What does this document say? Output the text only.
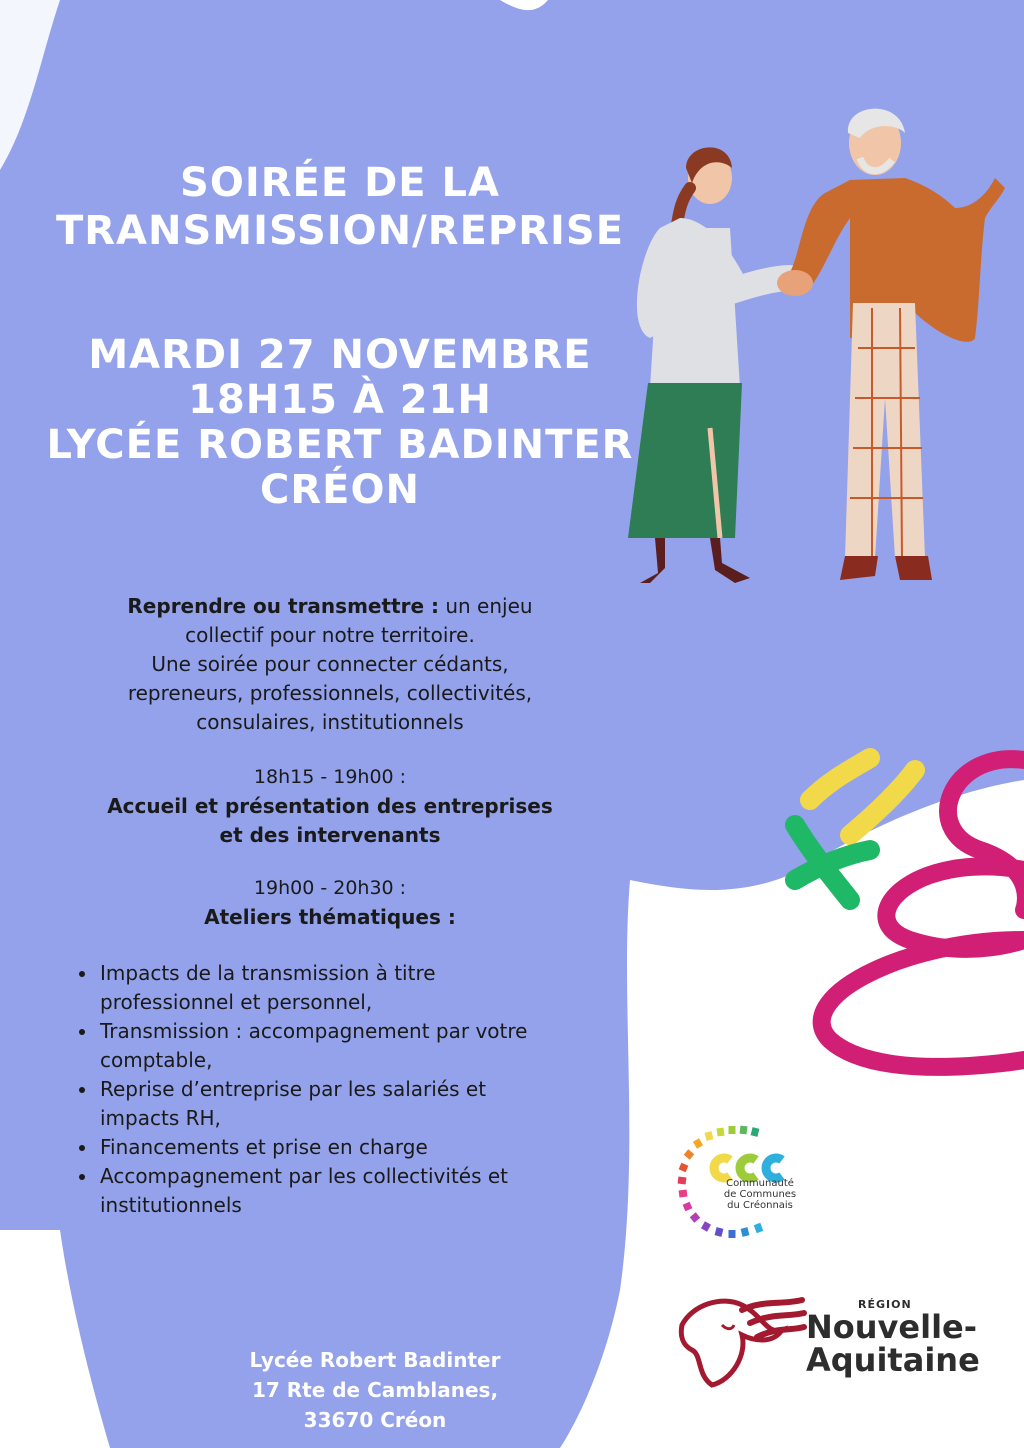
SOIRÉE DE LA
TRANSMISSION/REPRISE
MARDI 27 NOVEMBRE
18H15 À 21H
LYCÉE ROBERT BADINTER
CRÉON
Reprendre ou transmettre : un enjeu
collectif pour notre territoire.
Une soirée pour connecter cédants,
repreneurs, professionnels, collectivités,
consulaires, institutionnels
18h15 - 19h00 :
Accueil et présentation des entreprises
et des intervenants
19h00 - 20h30 :
Ateliers thématiques :
Impacts de la transmission à titre professionnel et personnel,
Transmission : accompagnement par votre comptable,
Reprise d’entreprise par les salariés et impacts RH,
Financements et prise en charge
Accompagnement par les collectivités et institutionnels
Lycée Robert Badinter
17 Rte de Camblanes,
33670 Créon
Communauté
de Communes
du Créonnais
RÉGION
Nouvelle-
Aquitaine
